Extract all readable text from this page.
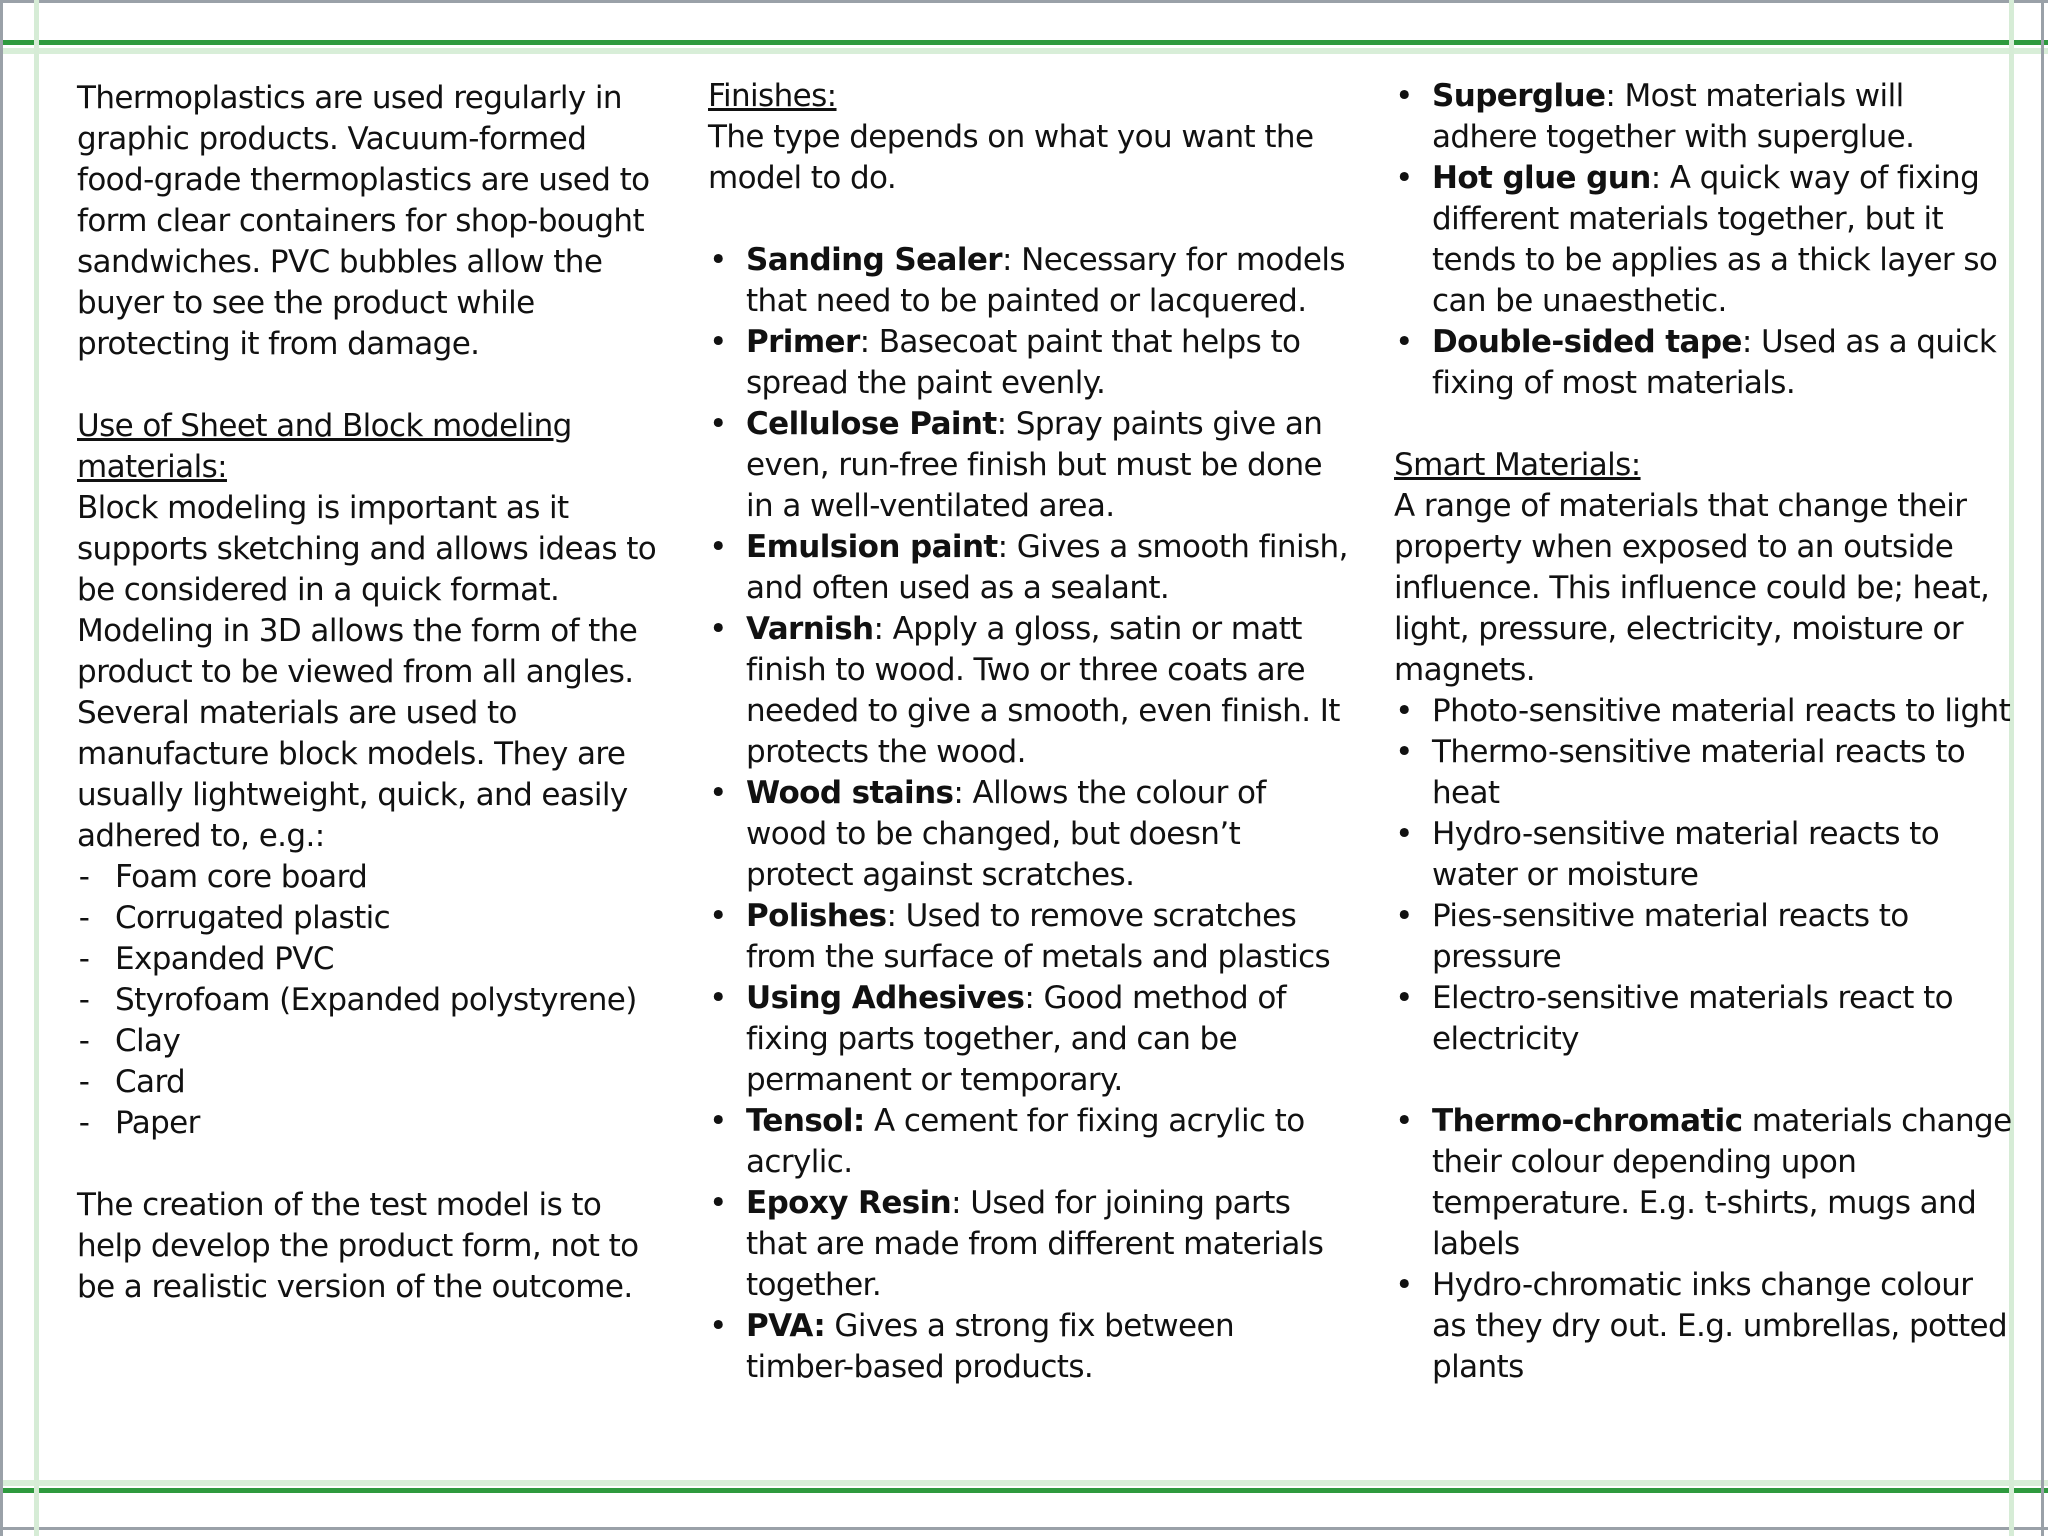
Thermoplastics are used regularly in graphic products. Vacuum-formed food-grade thermoplastics are used to form clear containers for shop-bought sandwiches. PVC bubbles allow the buyer to see the product while protecting it from damage.

Use of Sheet and Block modeling materials:

Block modeling is important as it supports sketching and allows ideas to be considered in a quick format. Modeling in 3D allows the form of the product to be viewed from all angles.

Several materials are used to manufacture block models. They are usually lightweight, quick, and easily adhered to, e.g.:

- Foam core board
- Corrugated plastic
- Expanded PVC
- Styrofoam (Expanded polystyrene)
- Clay
- Card
- Paper

The creation of the test model is to help develop the product form, not to be a realistic version of the outcome.

Finishes:

The type depends on what you want the model to do.

• Sanding Sealer: Necessary for models that need to be painted or lacquered.
• Primer: Basecoat paint that helps to spread the paint evenly.
• Cellulose Paint: Spray paints give an even, run-free finish but must be done in a well-ventilated area.
• Emulsion paint: Gives a smooth finish, and often used as a sealant.
• Varnish: Apply a gloss, satin or matt finish to wood. Two or three coats are needed to give a smooth, even finish. It protects the wood.
• Wood stains: Allows the colour of wood to be changed, but doesn’t protect against scratches.
• Polishes: Used to remove scratches from the surface of metals and plastics
• Using Adhesives: Good method of fixing parts together, and can be permanent or temporary.
• Tensol: A cement for fixing acrylic to acrylic.
• Epoxy Resin: Used for joining parts that are made from different materials together.
• PVA: Gives a strong fix between timber-based products.
• Superglue: Most materials will adhere together with superglue.
• Hot glue gun: A quick way of fixing different materials together, but it tends to be applies as a thick layer so can be unaesthetic.
• Double-sided tape: Used as a quick fixing of most materials.

Smart Materials:

A range of materials that change their property when exposed to an outside influence. This influence could be; heat, light, pressure, electricity, moisture or magnets.

• Photo-sensitive material reacts to light
• Thermo-sensitive material reacts to heat
• Hydro-sensitive material reacts to water or moisture
• Pies-sensitive material reacts to pressure
• Electro-sensitive materials react to electricity
• Thermo-chromatic materials change their colour depending upon temperature. E.g. t-shirts, mugs and labels
• Hydro-chromatic inks change colour as they dry out. E.g. umbrellas, potted plants
